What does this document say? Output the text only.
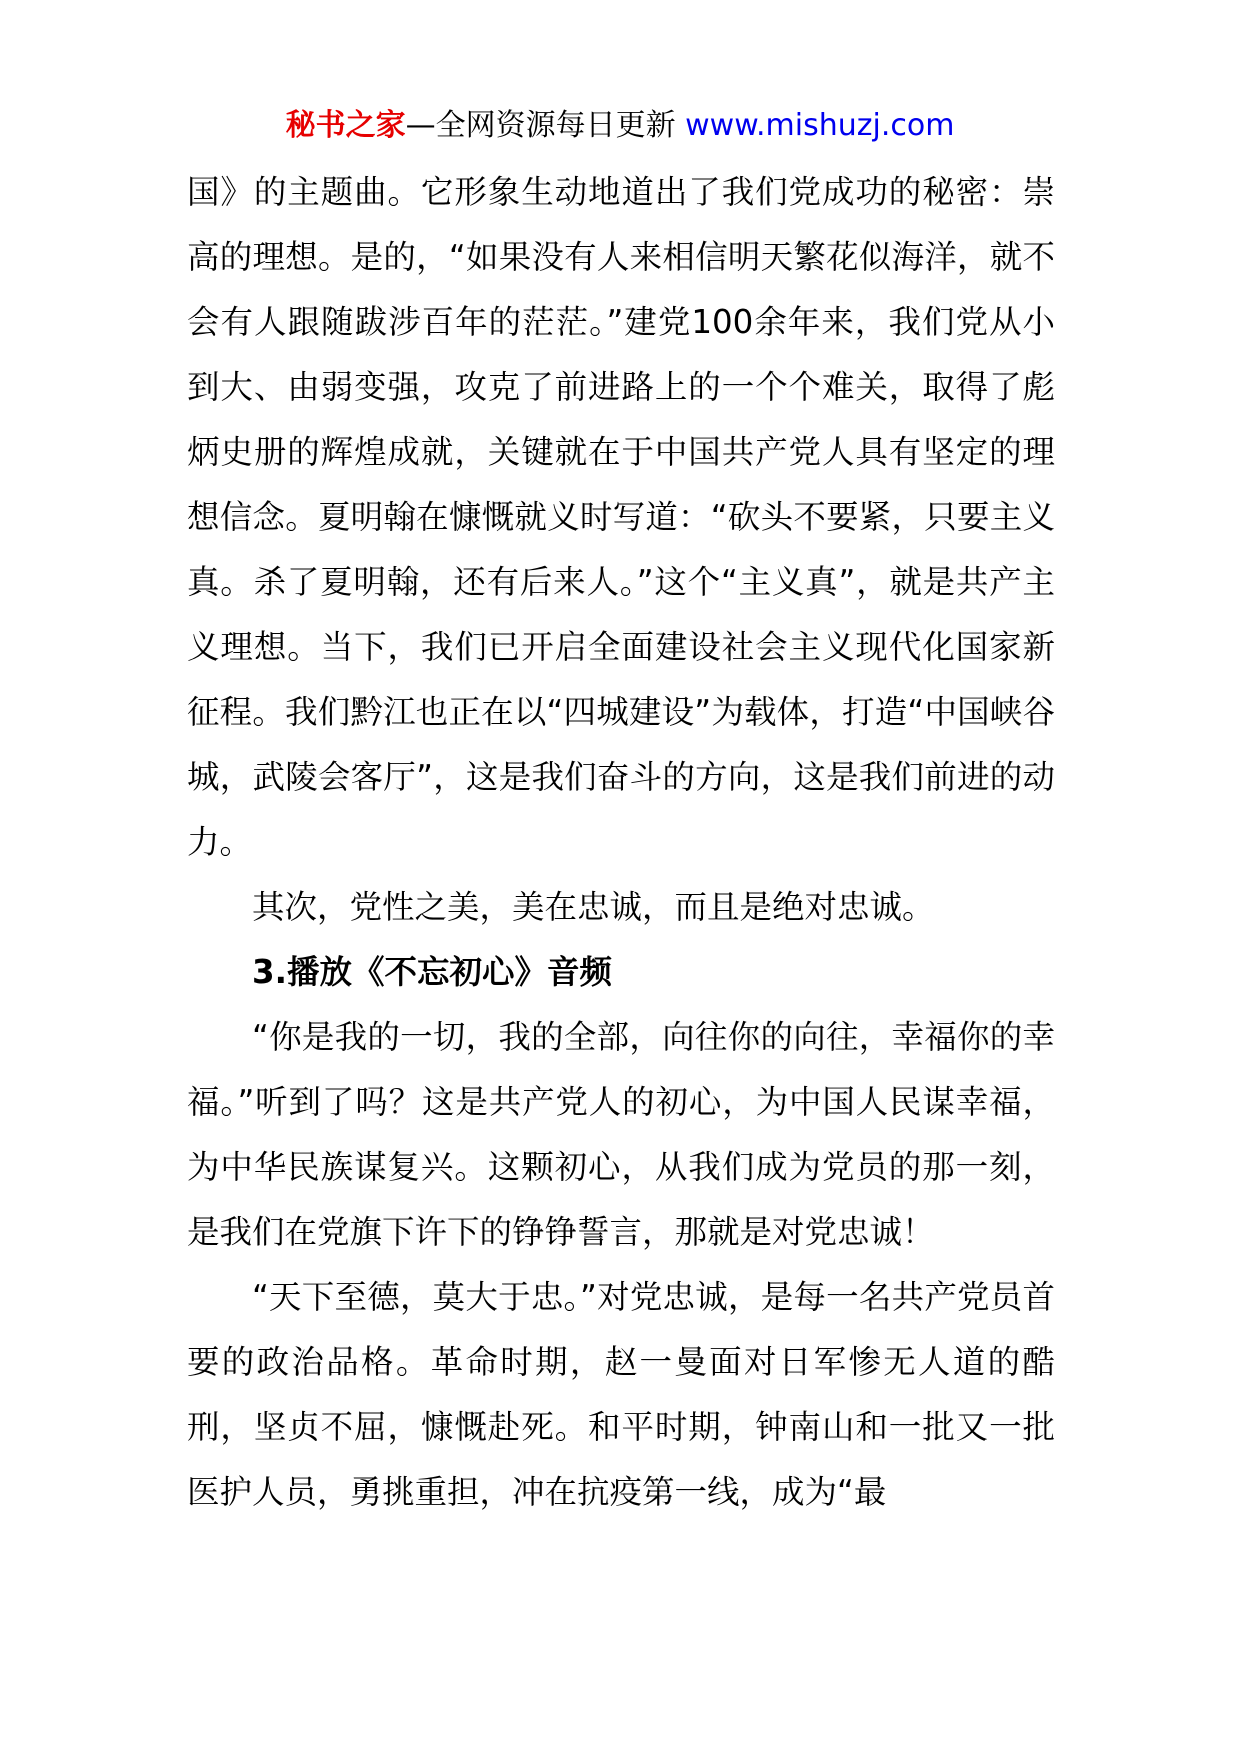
秘书之家—全网资源每日更新 www.mishuzj.com

国》的主题曲。它形象生动地道出了我们党成功的秘密：崇高的理想。是的，“如果没有人来相信明天繁花似海洋，就不会有人跟随跋涉百年的茫茫。”建党100余年来，我们党从小到大、由弱变强，攻克了前进路上的一个个难关，取得了彪炳史册的辉煌成就，关键就在于中国共产党人具有坚定的理想信念。夏明翰在慷慨就义时写道：“砍头不要紧，只要主义真。杀了夏明翰，还有后来人。”这个“主义真”，就是共产主义理想。当下，我们已开启全面建设社会主义现代化国家新征程。我们黔江也正在以“四城建设”为载体，打造“中国峡谷城，武陵会客厅”，这是我们奋斗的方向，这是我们前进的动力。

其次，党性之美，美在忠诚，而且是绝对忠诚。

3.播放《不忘初心》音频

“你是我的一切，我的全部，向往你的向往，幸福你的幸福。”听到了吗？这是共产党人的初心，为中国人民谋幸福，为中华民族谋复兴。这颗初心，从我们成为党员的那一刻，是我们在党旗下许下的铮铮誓言，那就是对党忠诚！

“天下至德，莫大于忠。”对党忠诚，是每一名共产党员首要的政治品格。革命时期，赵一曼面对日军惨无人道的酷刑，坚贞不屈，慷慨赴死。和平时期，钟南山和一批又一批医护人员，勇挑重担，冲在抗疫第一线，成为“最
